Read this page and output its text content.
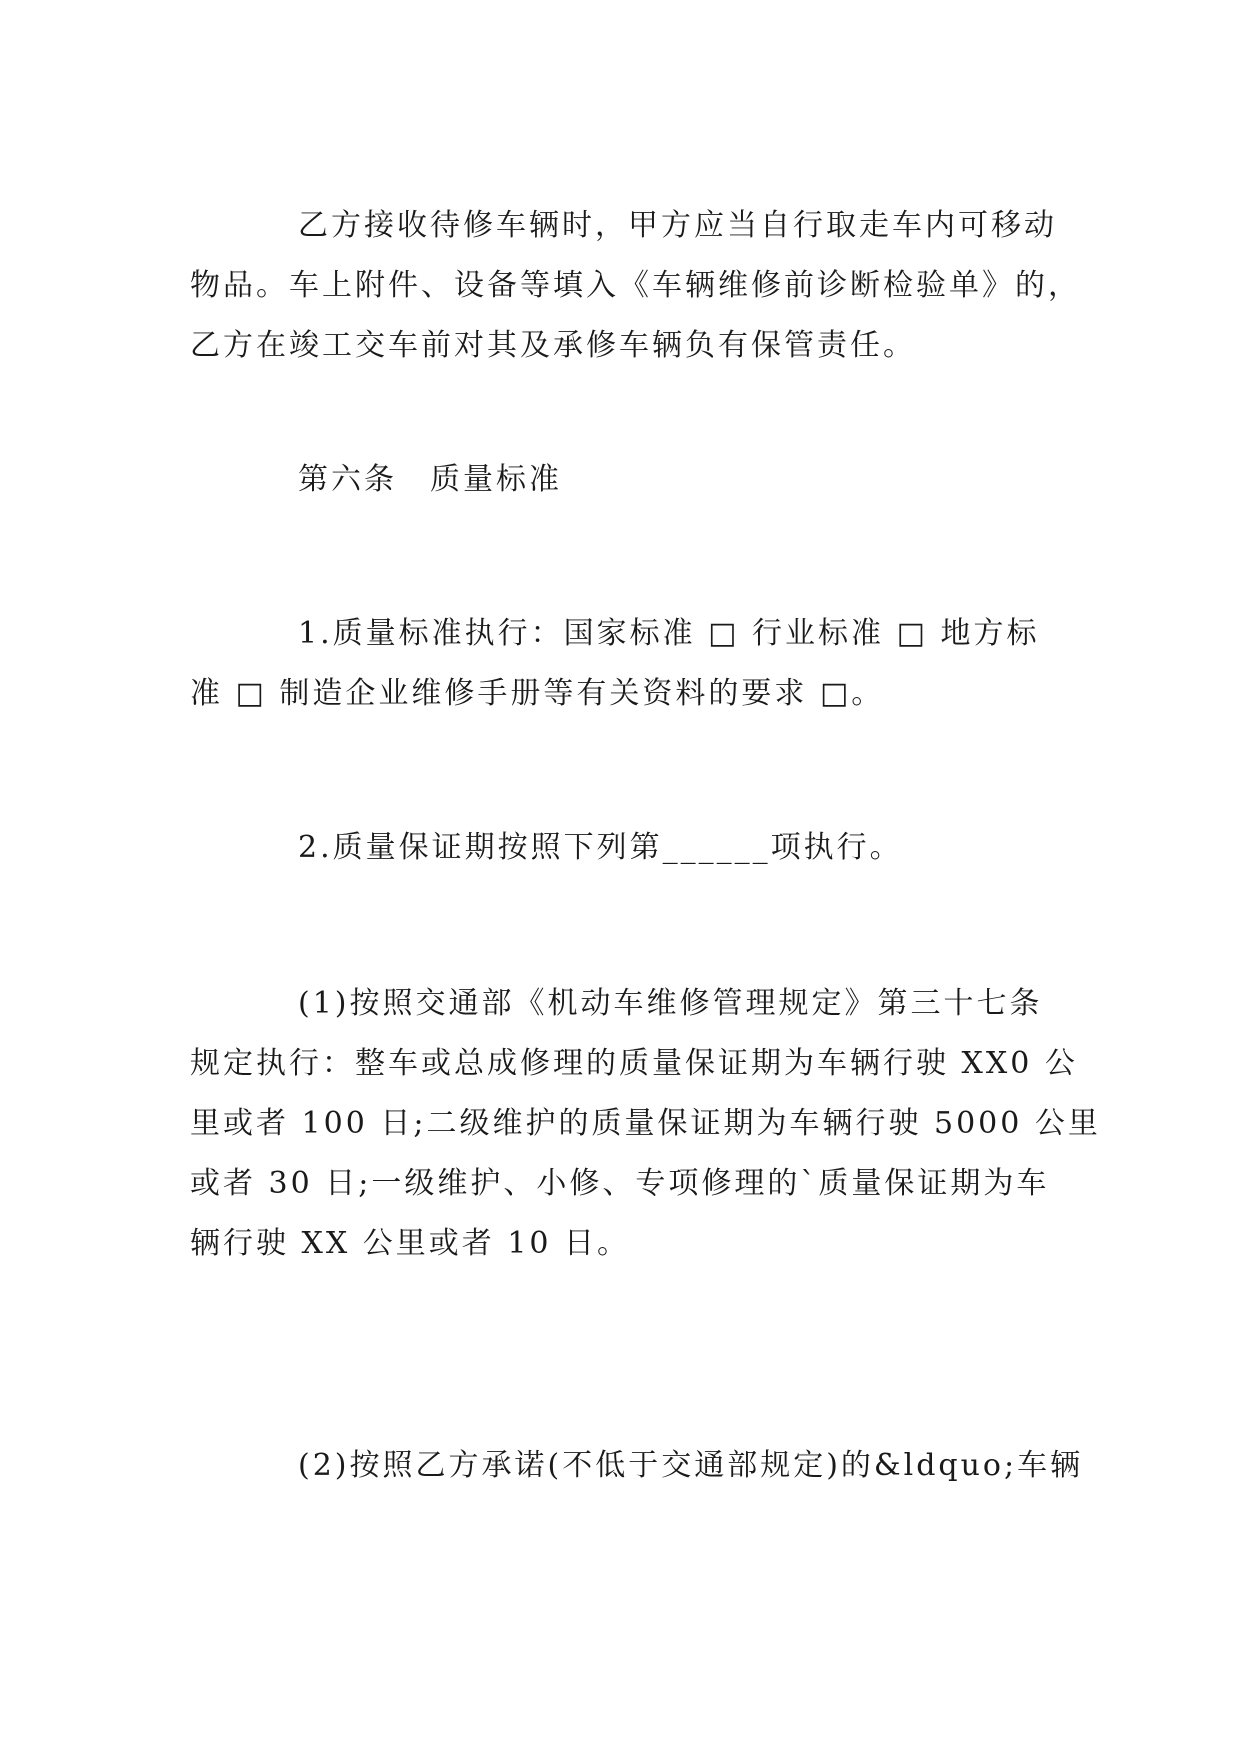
乙方接收待修车辆时，甲方应当自行取走车内可移动
物品。车上附件、设备等填入《车辆维修前诊断检验单》的，
乙方在竣工交车前对其及承修车辆负有保管责任。

第六条　质量标准

1.质量标准执行：国家标准 □ 行业标准 □ 地方标
准 □ 制造企业维修手册等有关资料的要求 □。

2.质量保证期按照下列第______项执行。

(1)按照交通部《机动车维修管理规定》第三十七条
规定执行：整车或总成修理的质量保证期为车辆行驶 XX0 公
里或者 100 日;二级维护的质量保证期为车辆行驶 5000 公里
或者 30 日;一级维护、小修、专项修理的`质量保证期为车
辆行驶 XX 公里或者 10 日。

(2)按照乙方承诺(不低于交通部规定)的&ldquo;车辆
